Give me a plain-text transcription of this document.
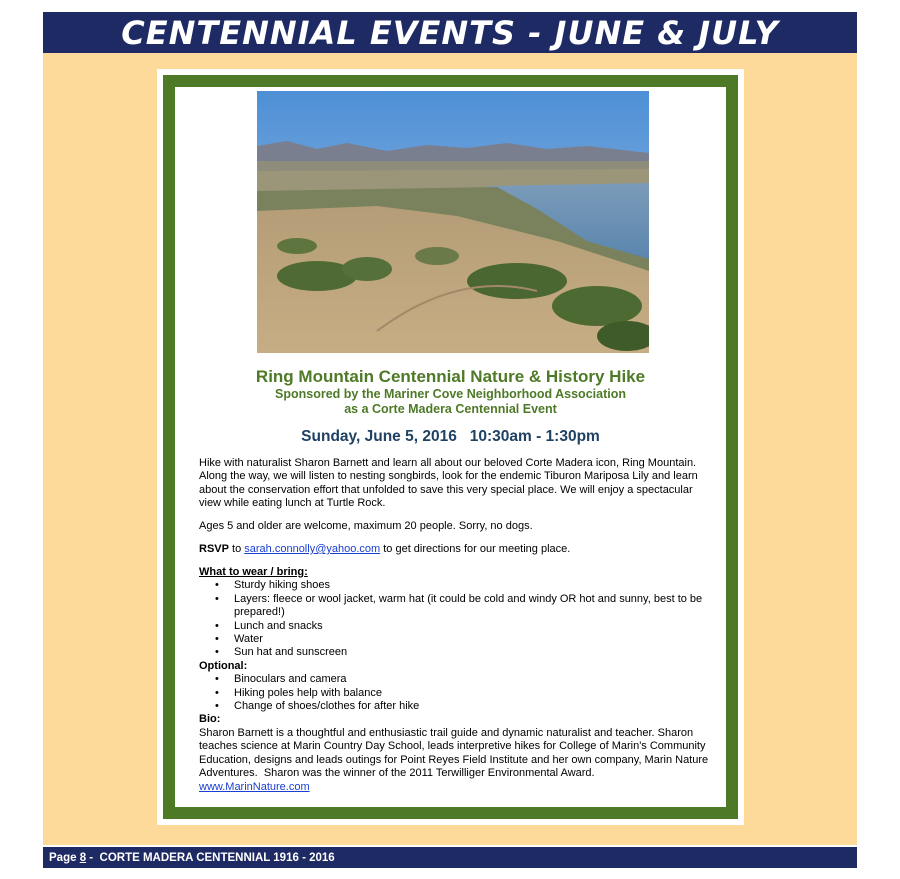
CENTENNIAL EVENTS - JUNE & JULY
Ring Mountain Centennial Nature & History Hike
Sponsored by the Mariner Cove Neighborhood Association
as a Corte Madera Centennial Event
Sunday, June 5, 2016   10:30am - 1:30pm
Hike with naturalist Sharon Barnett and learn all about our beloved Corte Madera icon, Ring Mountain. Along the way, we will listen to nesting songbirds, look for the endemic Tiburon Mariposa Lily and learn about the conservation effort that unfolded to save this very special place. We will enjoy a spectacular view while eating lunch at Turtle Rock.
Ages 5 and older are welcome, maximum 20 people. Sorry, no dogs.
RSVP to sarah.connolly@yahoo.com to get directions for our meeting place.
What to wear / bring:
• Sturdy hiking shoes
• Layers: fleece or wool jacket, warm hat (it could be cold and windy OR hot and sunny, best to be prepared!)
• Lunch and snacks
• Water
• Sun hat and sunscreen
Optional:
• Binoculars and camera
• Hiking poles help with balance
• Change of shoes/clothes for after hike
Bio:
Sharon Barnett is a thoughtful and enthusiastic trail guide and dynamic naturalist and teacher. Sharon teaches science at Marin Country Day School, leads interpretive hikes for College of Marin's Community Education, designs and leads outings for Point Reyes Field Institute and her own company, Marin Nature Adventures.  Sharon was the winner of the 2011 Terwilliger Environmental Award.  www.MarinNature.com
Page 8 -  CORTE MADERA CENTENNIAL 1916 - 2016
